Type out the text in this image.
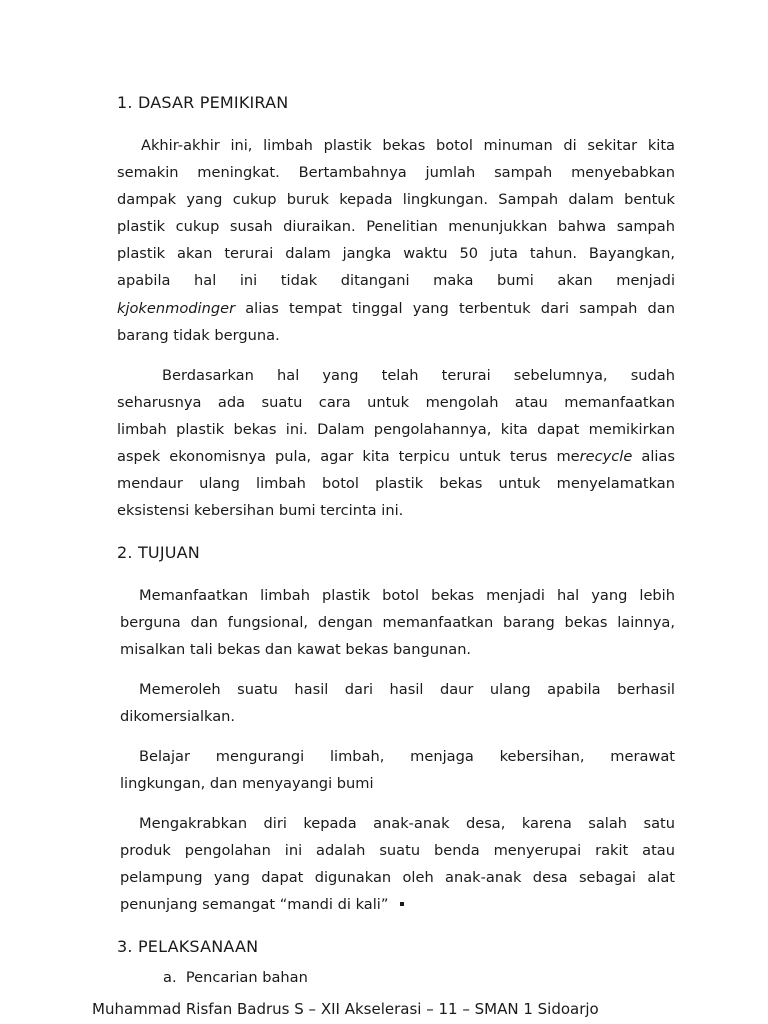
1. DASAR PEMIKIRAN

Akhir-akhir ini, limbah plastik bekas botol minuman di sekitar kita
semakin meningkat. Bertambahnya jumlah sampah menyebabkan
dampak yang cukup buruk kepada lingkungan. Sampah dalam bentuk
plastik cukup susah diuraikan. Penelitian menunjukkan bahwa sampah
plastik akan terurai dalam jangka waktu 50 juta tahun. Bayangkan,
apabila hal ini tidak ditangani maka bumi akan menjadi
kjokenmodinger alias tempat tinggal yang terbentuk dari sampah dan
barang tidak berguna.

Berdasarkan hal yang telah terurai sebelumnya, sudah
seharusnya ada suatu cara untuk mengolah atau memanfaatkan
limbah plastik bekas ini. Dalam pengolahannya, kita dapat memikirkan
aspek ekonomisnya pula, agar kita terpicu untuk terus merecycle alias
mendaur ulang limbah botol plastik bekas untuk menyelamatkan
eksistensi kebersihan bumi tercinta ini.

2. TUJUAN

Memanfaatkan limbah plastik botol bekas menjadi hal yang lebih
berguna dan fungsional, dengan memanfaatkan barang bekas lainnya,
misalkan tali bekas dan kawat bekas bangunan.

Memeroleh suatu hasil dari hasil daur ulang apabila berhasil
dikomersialkan.

Belajar mengurangi limbah, menjaga kebersihan, merawat
lingkungan, dan menyayangi bumi

Mengakrabkan diri kepada anak-anak desa, karena salah satu
produk pengolahan ini adalah suatu benda menyerupai rakit atau
pelampung yang dapat digunakan oleh anak-anak desa sebagai alat
penunjang semangat “mandi di kali”

3. PELAKSANAAN
a.  Pencarian bahan
Muhammad Risfan Badrus S – XII Akselerasi – 11 – SMAN 1 Sidoarjo
